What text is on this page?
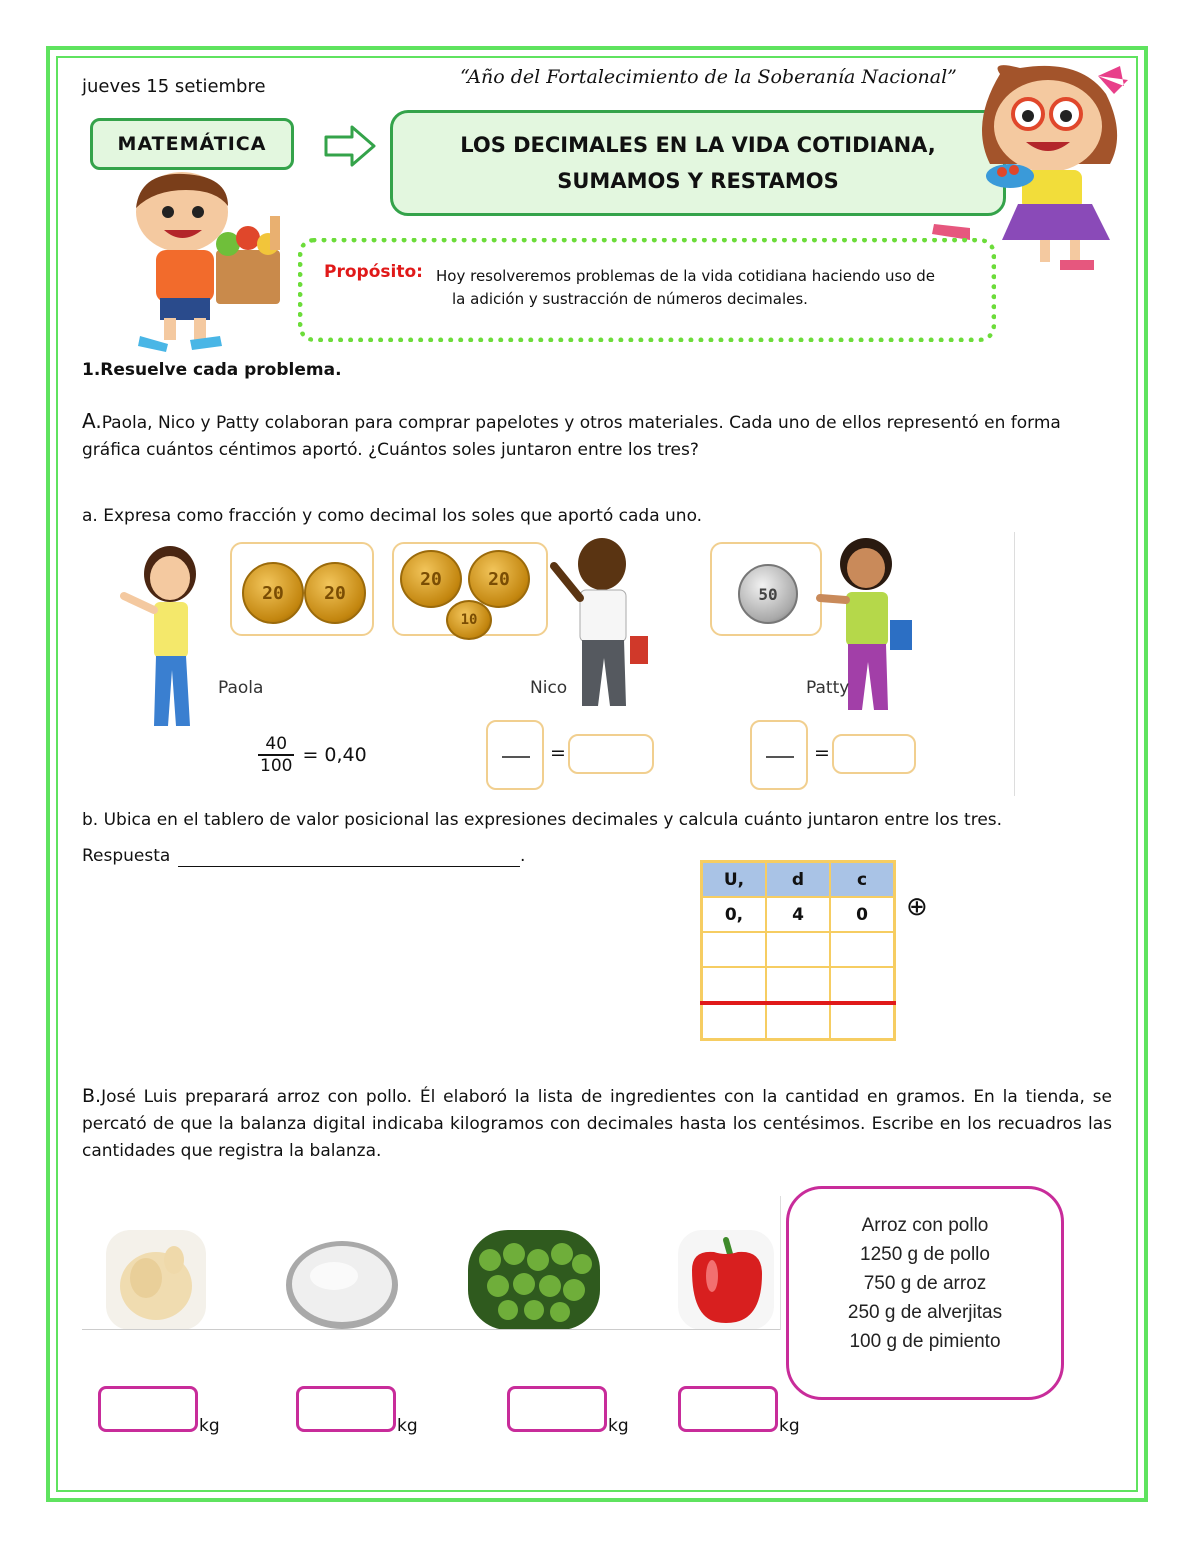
jueves 15 setiembre	“Año del Fortalecimiento de la Soberanía Nacional”
MATEMÁTICA	LOS DECIMALES EN LA VIDA COTIDIANA,
SUMAMOS Y RESTAMOS
Propósito: Hoy resolveremos problemas de la vida cotidiana haciendo uso de
la adición y sustracción de números decimales.
1.Resuelve cada problema.
A.Paola, Nico y Patty colaboran para comprar papelotes y otros materiales. Cada uno de ellos representó en forma gráfica cuántos céntimos aportó. ¿Cuántos soles juntaron entre los tres?
a. Expresa como fracción y como decimal los soles que aportó cada uno.
20	20
Paola
20	20
10
Nico
50
Patty
$\frac{40}{100} = 0,40$	=	=
b. Ubica en el tablero de valor posicional las expresiones decimales y calcula cuánto juntaron entre los tres.
Respuesta	.
U,	d	c
0,	4	0

		⊕
B.José Luis preparará arroz con pollo. Él elaboró la lista de ingredientes con la cantidad en gramos. En la tienda, se percató de que la balanza digital indicaba kilogramos con decimales hasta los centésimos. Escribe en los recuadros las cantidades que registra la balanza.
Arroz con pollo
1250 g de pollo
750 g de arroz
250 g de alverjitas
100 g de pimiento
kg	kg	kg	kg
